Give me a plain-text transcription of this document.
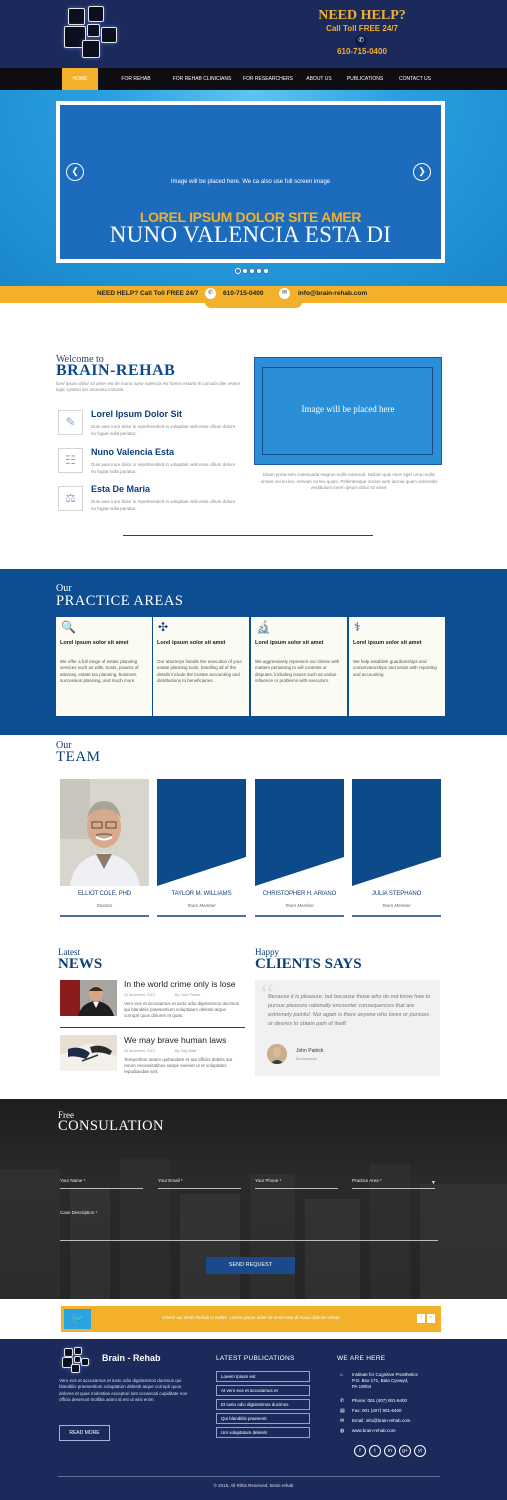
NEED HELP?
Call Toll FREE 24/7
✆
610-715-0400
HOME	FOR REHAB	FOR REHAB CLINICIANS	FOR RESEARCHERS	ABOUT US	PUBLICATIONS	CONTACT US
❮	❯
Image will be placed here. We ca also use full screen image
LOREL IPSUM DOLOR SITE AMER
NUNO VALENCIA ESTA DI
NEED HELP? Call Toll FREE 24/7	✆	610-715-0400	✉	info@brain-rehab.com
Welcome to
BRAIN-REHAB
lorel ipsum dolor sit amer est de maria nuno valencia est fortiss estanti di carcalia dier estere lugic system ion atravana calcatio.
✎
Lorel Ipsum Dolor Sit
Duis aute irure dolor in reprehenderit in voluptate velit esse cillum dolore eu fugiat nulla pariatur.
☷
Nuno Valencia Esta
Duis aute irure dolor in reprehenderit in voluptate velit esse cillum dolore eu fugiat nulla pariatur.
⚖
Esta De Maria
Duis aute irure dolor in reprehenderit in voluptate velit esse cillum dolore eu fugiat nulla pariatur.
Image will be placed here
Etiam porta sem malesuada magna mollis euismod. Nullam quis risus eget urna mollis ornare vel eu leo. Aenean eu leo quam. Pellentesque ornare sem lacinia quam venenatis vestibulum lorem ipsum dolor sit amet.
Our
PRACTICE AREAS
🔍
Lorel ipsum solor sit amet
We offer a full range of estate planning services such as wills, trusts, powers of attorney, estate tax planning, business succession planning, and much more.
✣
Lorel ipsum solor sit amet
Our attorneys handle the execution of your estate planning tools, handling all of the details include the trustee accounting and distributions to beneficiaries.
🔬
Lorel ipsum solor sit amet
We aggressively represent our clients with matters pertaining to will contests or disputes, including issues such as undue influence or problems with executors.
⚕
Lorel ipsum solor sit amet
We help establish guardianships and conservatorships and assist with reporting and accounting.
Our
TEAM
ELLIOT COLE, PHD
Director
TAYLOR M. WILLIAMS
Team Member
CHRISTOPHER H. ARIANO
Team Member
JULIA STEPHANO
Team Member
Latest
NEWS
In the world crime only is lose
23 November, 2015	By: John Patrick
Vero eos et accusamus et iusto odio dignissimos ducimus qui blanditiis praesentium voluptatum deleniti atque corrupti quos dolores et quas.
We may brave human laws
08 November, 2015	By: Ray Miller
Temporibus autem quibusdam et aut officiis debitis aut rerum necessitatibus saepe eveniet ut et voluptates repudiandae sint.
Happy
CLIENTS SAYS
“
Because it is pleasure, but because those who do not know how to pursue pleasure rationally encounter consequences that are extremely painful. Nor again is there anyone who loves or pursues or desires to obtain pain of itself.
John Patrick
Businessman
Free
CONSULATION
Your Name *	Your Email *	Your Phone *	Practice Area *	▼
Case Description *
SEND REQUEST
🐦	Check our Brain Rehab in twitter. Lorem ipsum dolor sit amet esta di maria @brain-rehab	‹	›
Brain - Rehab
Vero eos et accusamus et iusto odio dignissimos ducimus qui blanditiis praesentium voluptatum deleniti atque corrupti quos dolores et quas molestias excepturi sint occaecati cupiditate non officia deserunt mollitia animi id est ut wisi enim.
READ MORE
LATEST PUBLICATIONS
Loeem Ipsum est
At vero eos et accusamus et
Et iusto odio dignissimos ducimus
Qui blanditiis praesenti
Um voluptatum deleniti
WE ARE HERE
⌂ Institute for Cognitive Prosthetics
P.O. Box 171, Bala Cynwyd,
PA 19004
✆ Phone: 001 (407) 901-6400
▤ Fax: 001 (407) 901-6400
✉ Email: info@brain-rehab.com
◍ www.brain-rehab.com
f	t	in	g+	yt
© 2015, All Rihts Reserved. Brain-rehab
